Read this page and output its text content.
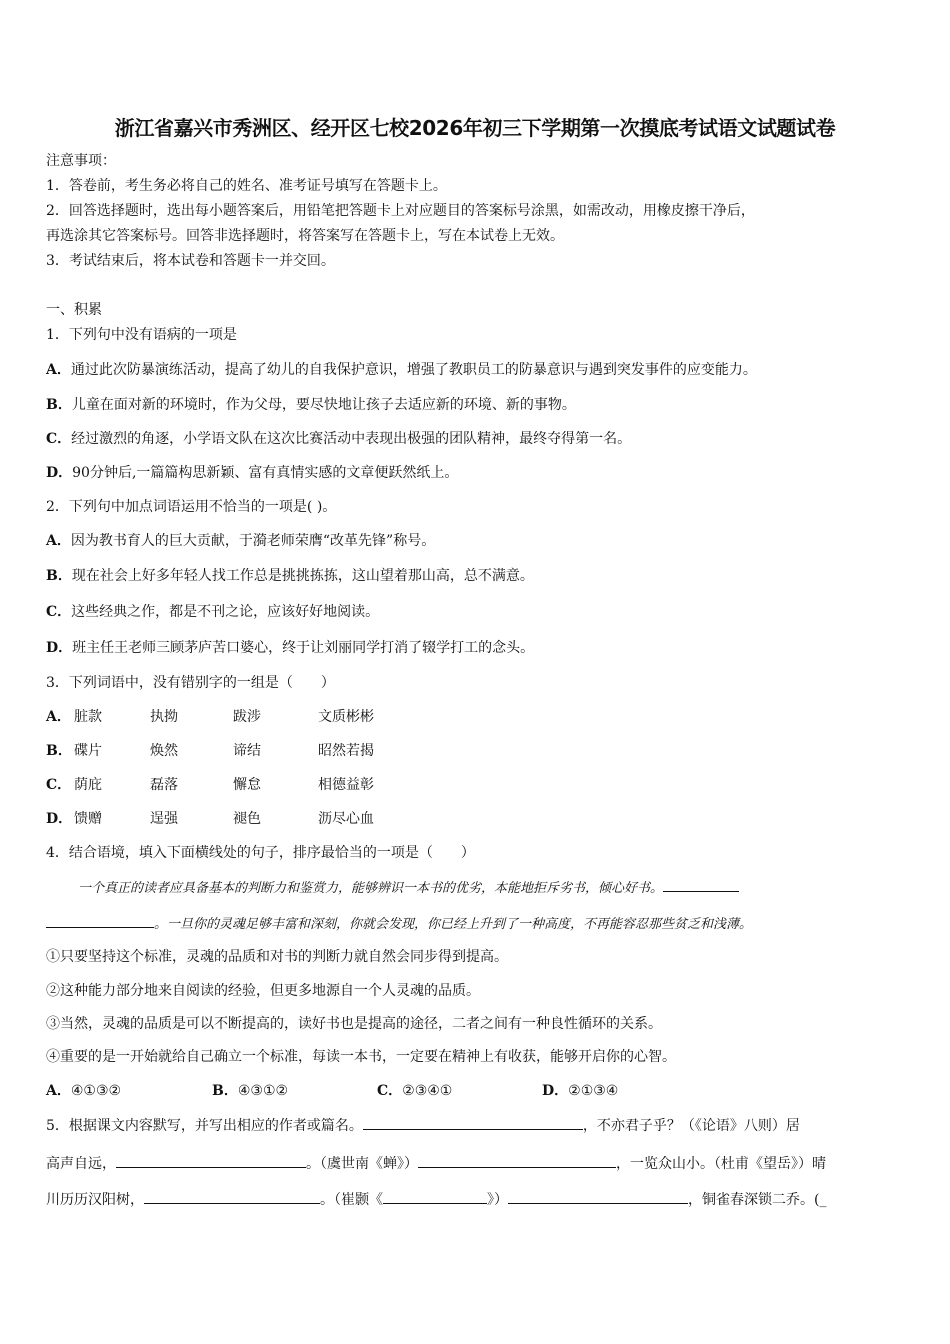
浙江省嘉兴市秀洲区、经开区七校2026年初三下学期第一次摸底考试语文试题试卷
注意事项：
1．答卷前，考生务必将自己的姓名、准考证号填写在答题卡上。
2．回答选择题时，选出每小题答案后，用铅笔把答题卡上对应题目的答案标号涂黑，如需改动，用橡皮擦干净后，
再选涂其它答案标号。回答非选择题时，将答案写在答题卡上，写在本试卷上无效。
3．考试结束后，将本试卷和答题卡一并交回。
一、积累
1．下列句中没有语病的一项是
A．通过此次防暴演练活动，提高了幼儿的自我保护意识，增强了教职员工的防暴意识与遇到突发事件的应变能力。
B．儿童在面对新的环境时，作为父母，要尽快地让孩子去适应新的环境、新的事物。
C．经过激烈的角逐，小学语文队在这次比赛活动中表现出极强的团队精神，最终夺得第一名。
D．90分钟后,一篇篇构思新颖、富有真情实感的文章便跃然纸上。
2．下列句中加点词语运用不恰当的一项是( )。
A．因为教书育人的巨大贡献，于漪老师荣膺“改革先锋”称号。
B．现在社会上好多年轻人找工作总是挑挑拣拣，这山望着那山高，总不满意。
C．这些经典之作，都是不刊之论，应该好好地阅读。
D．班主任王老师三顾茅庐苦口婆心，终于让刘丽同学打消了辍学打工的念头。
3．下列词语中，没有错别字的一组是（　　）
A． 脏款	执拗	跋涉	文质彬彬
B． 碟片	焕然	谛结	昭然若揭
C． 荫庇	磊落	懈怠	相德益彰
D． 馈赠	逞强	褪色	沥尽心血
4．结合语境，填入下面横线处的句子，排序最恰当的一项是（　　）
一个真正的读者应具备基本的判断力和鉴赏力，能够辨识一本书的优劣，本能地拒斥劣书，倾心好书。
。一旦你的灵魂足够丰富和深刻，你就会发现，你已经上升到了一种高度，不再能容忍那些贫乏和浅薄。
①只要坚持这个标准，灵魂的品质和对书的判断力就自然会同步得到提高。
②这种能力部分地来自阅读的经验，但更多地源自一个人灵魂的品质。
③当然，灵魂的品质是可以不断提高的，读好书也是提高的途径，二者之间有一种良性循环的关系。
④重要的是一开始就给自己确立一个标准，每读一本书，一定要在精神上有收获，能够开启你的心智。
A．④①③②	B．④③①②	C．②③④①	D．②①③④
5．根据课文内容默写，并写出相应的作者或篇名。	，不亦君子乎？（《论语》八则）居
高声自远，	。（虞世南《蝉》）	，一览众山小。（杜甫《望岳》）晴
川历历汉阳树，	。（崔颢《	》）	，铜雀春深锁二乔。(_
